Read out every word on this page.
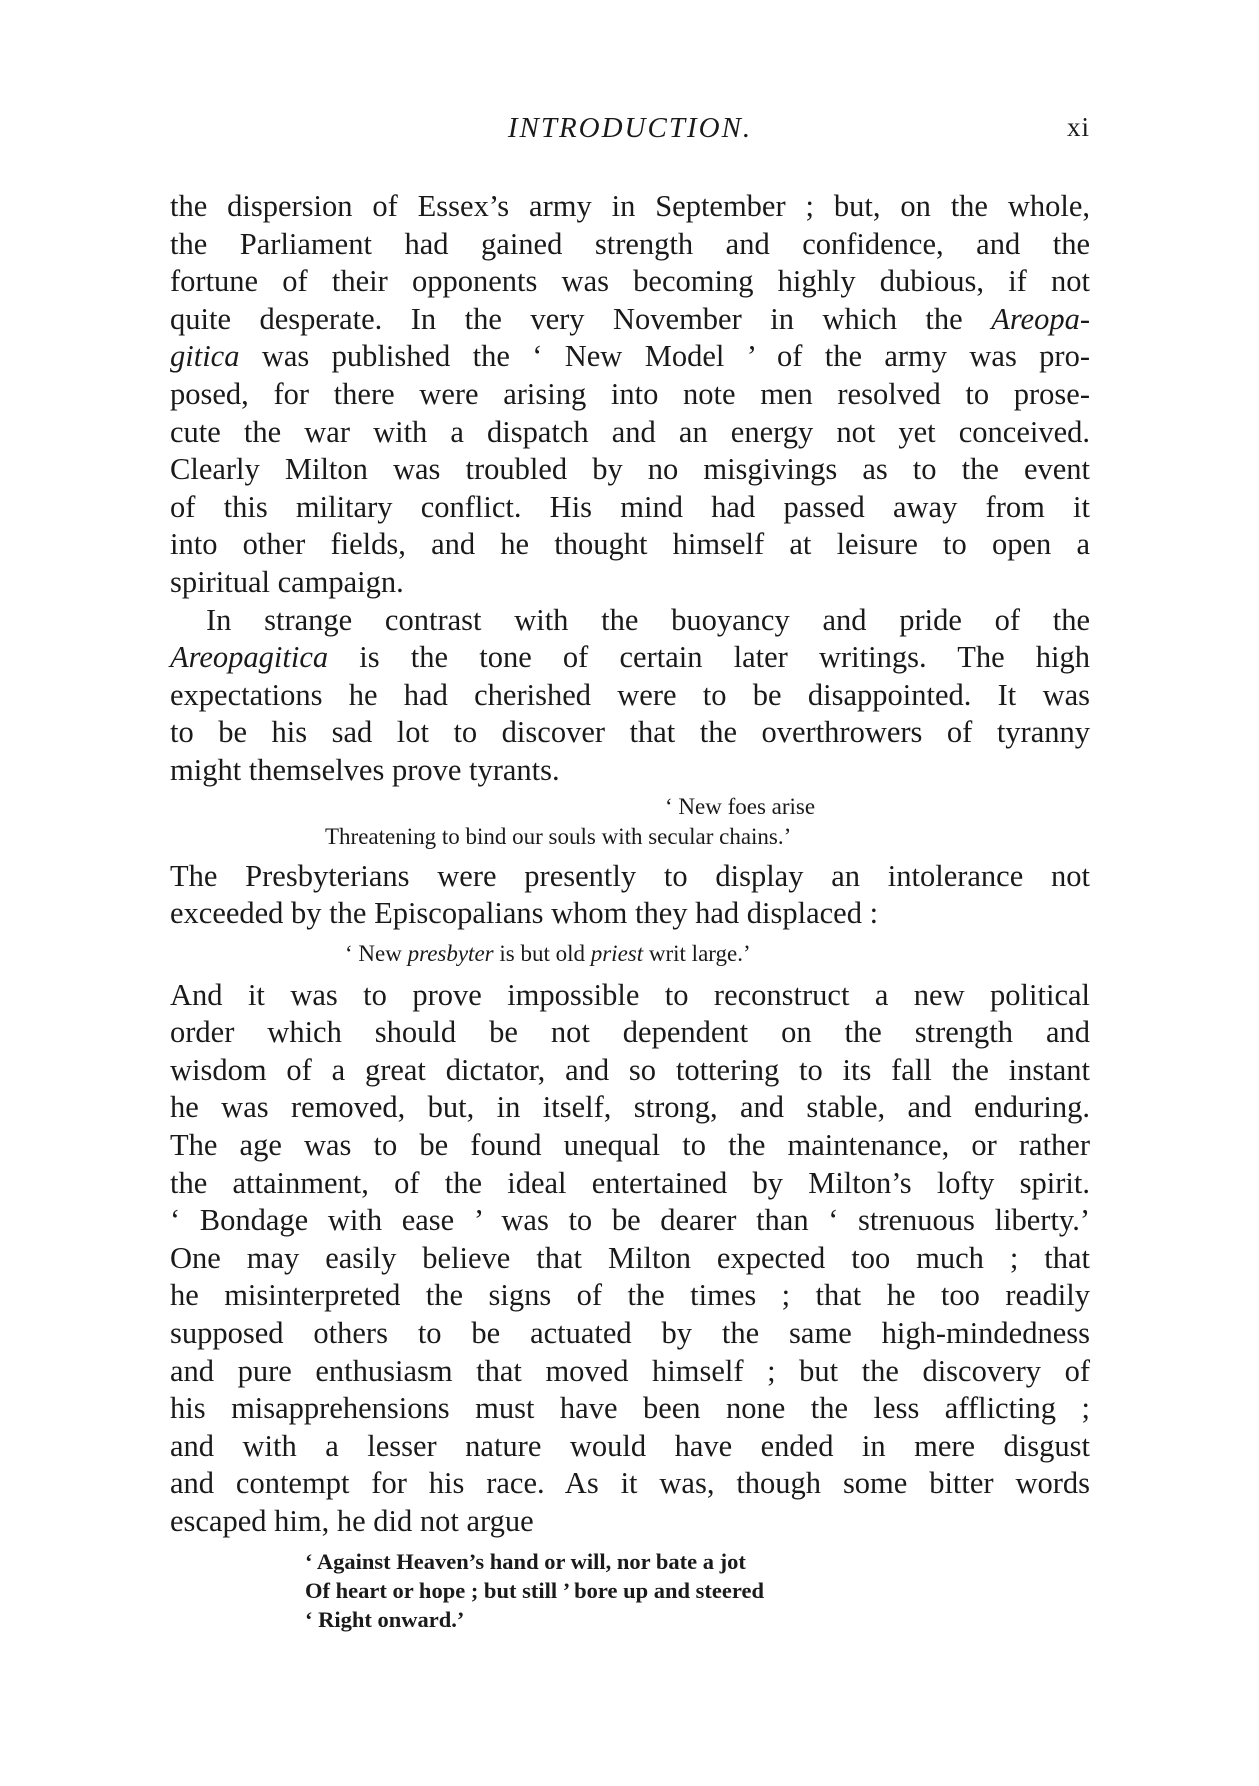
INTRODUCTION.	xi
the dispersion of Essex’s army in September ; but, on the whole,
the Parliament had gained strength and confidence, and the
fortune of their opponents was becoming highly dubious, if not
quite desperate. In the very November in which the Areopa-
gitica was published the ‘ New Model ’ of the army was pro-
posed, for there were arising into note men resolved to prose-
cute the war with a dispatch and an energy not yet conceived.
Clearly Milton was troubled by no misgivings as to the event
of this military conflict. His mind had passed away from it
into other fields, and he thought himself at leisure to open a
spiritual campaign.
In strange contrast with the buoyancy and pride of the
Areopagitica is the tone of certain later writings. The high
expectations he had cherished were to be disappointed. It was
to be his sad lot to discover that the overthrowers of tyranny
might themselves prove tyrants.
‘ New foes arise
Threatening to bind our souls with secular chains.’
The Presbyterians were presently to display an intolerance not
exceeded by the Episcopalians whom they had displaced :
‘ New presbyter is but old priest writ large.’
And it was to prove impossible to reconstruct a new political
order which should be not dependent on the strength and
wisdom of a great dictator, and so tottering to its fall the instant
he was removed, but, in itself, strong, and stable, and enduring.
The age was to be found unequal to the maintenance, or rather
the attainment, of the ideal entertained by Milton’s lofty spirit.
‘ Bondage with ease ’ was to be dearer than ‘ strenuous liberty.’
One may easily believe that Milton expected too much ; that
he misinterpreted the signs of the times ; that he too readily
supposed others to be actuated by the same high-mindedness
and pure enthusiasm that moved himself ; but the discovery of
his misapprehensions must have been none the less afflicting ;
and with a lesser nature would have ended in mere disgust
and contempt for his race. As it was, though some bitter words
escaped him, he did not argue
‘ Against Heaven’s hand or will, nor bate a jot
Of heart or hope ; but still ’ bore up and steered
‘ Right onward.’
